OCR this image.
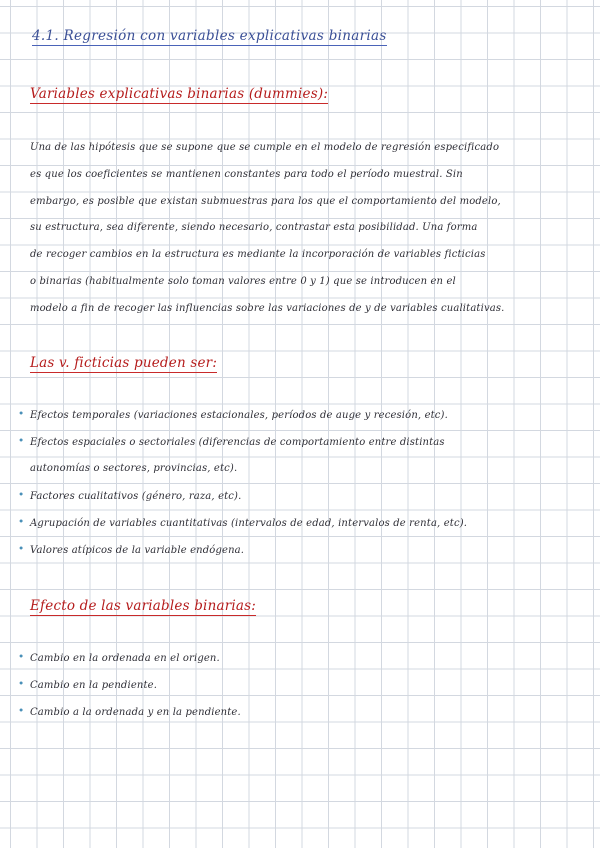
4.1. Regresión con variables explicativas binarias
Variables explicativas binarias (dummies):
Una de las hipótesis que se supone que se cumple en el modelo de regresión especificado
es que los coeficientes se mantienen constantes para todo el período muestral. Sin
embargo, es posible que existan submuestras para los que el comportamiento del modelo,
su estructura, sea diferente, siendo necesario, contrastar esta posibilidad. Una forma
de recoger cambios en la estructura es mediante la incorporación de variables ficticias
o binarias (habitualmente solo toman valores entre 0 y 1) que se introducen en el
modelo a fin de recoger las influencias sobre las variaciones de y de variables cualitativas.
Las v. ficticias pueden ser:
• Efectos temporales (variaciones estacionales, períodos de auge y recesión, etc).
• Efectos espaciales o sectoriales (diferencias de comportamiento entre distintas
autonomías o sectores, provincias, etc).
• Factores cualitativos (género, raza, etc).
• Agrupación de variables cuantitativas (intervalos de edad, intervalos de renta, etc).
• Valores atípicos de la variable endógena.
Efecto de las variables binarias:
• Cambio en la ordenada en el origen.
• Cambio en la pendiente.
• Cambio a la ordenada y en la pendiente.
